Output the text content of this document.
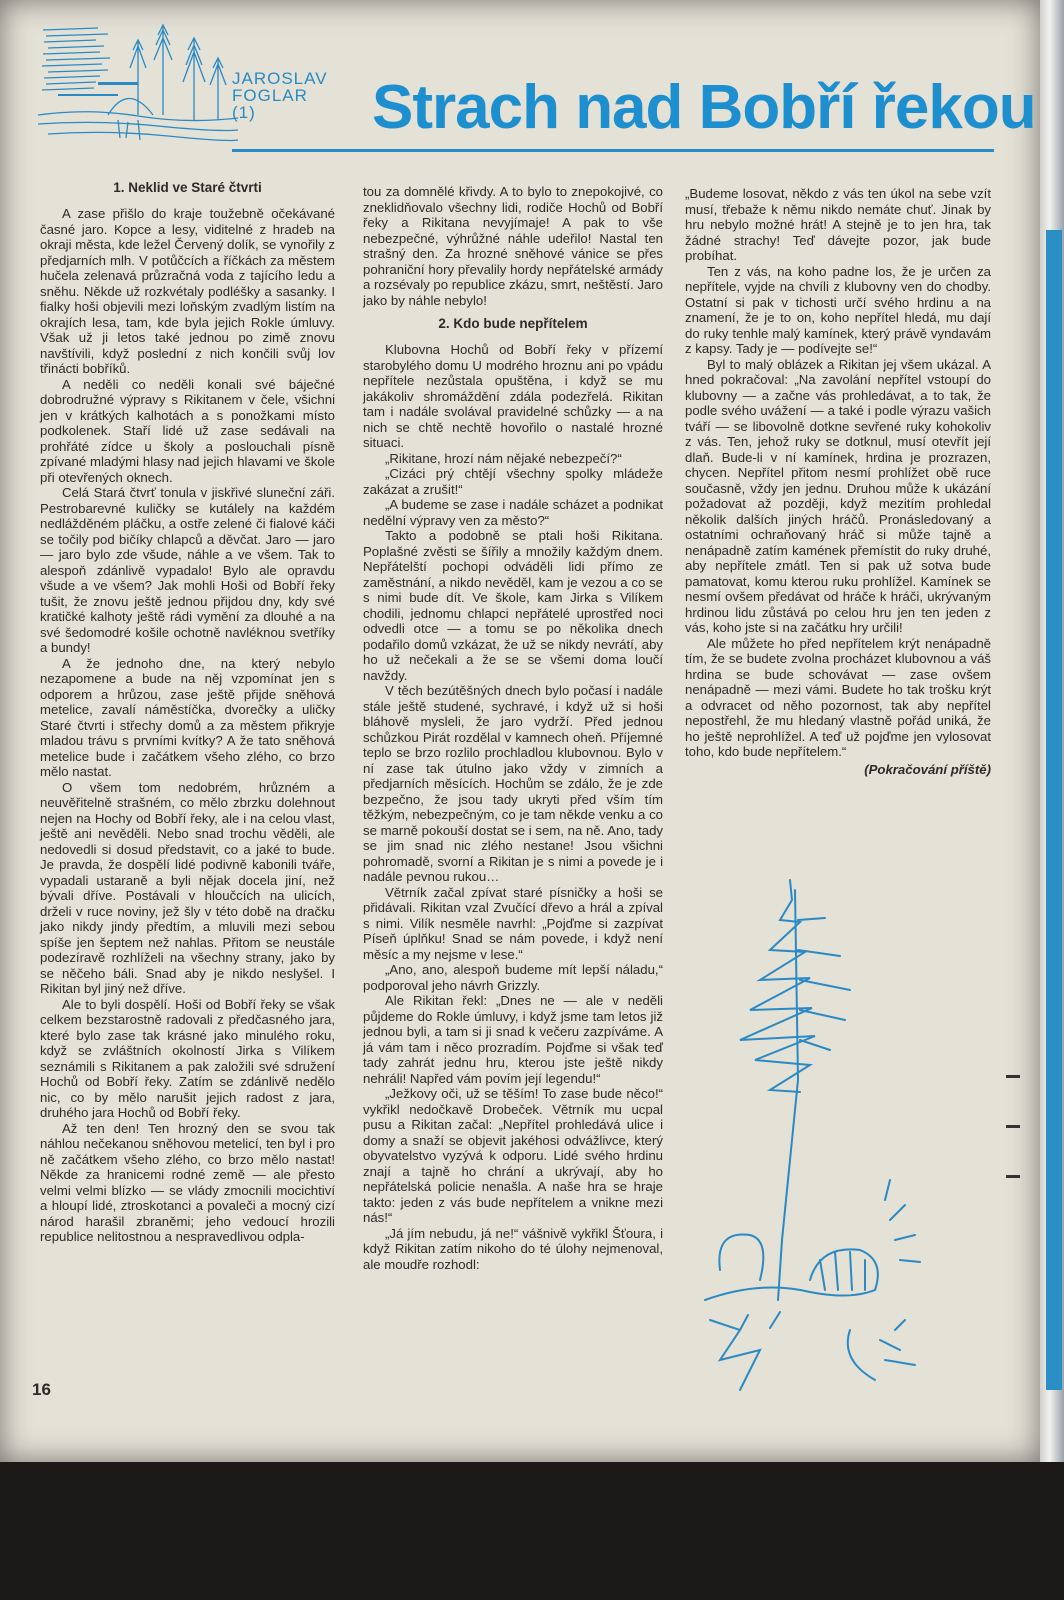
JAROSLAV
FOGLAR
(1)	Strach nad Bobří řekou
1. Neklid ve Staré čtvrti

A zase přišlo do kraje toužebně očekávané časné jaro. Kopce a lesy, viditelné z hradeb na okraji města, kde ležel Červený dolík, se vynořily z předjarních mlh. V potůčcích a říčkách za městem hučela zelenavá průzračná voda z tajícího ledu a sněhu. Někde už rozkvétaly podléšky a sasanky. I fialky hoši objevili mezi loňským zvadlým listím na okrajích lesa, tam, kde byla jejich Rokle úmluvy. Však už ji letos také jednou po zimě znovu navštívili, když poslední z nich končili svůj lov třinácti bobříků.

A neděli co neděli konali své báječné dobrodružné výpravy s Rikitanem v čele, všichni jen v krátkých kalhotách a s ponožkami místo podkolenek. Staří lidé už zase sedávali na prohřáté zídce u školy a poslouchali písně zpívané mladými hlasy nad jejich hlavami ve škole při otevřených oknech.

Celá Stará čtvrť tonula v jiskřivé sluneční záři. Pestrobarevné kuličky se kutálely na každém nedlážděném pláčku, a ostře zelené či fialové káči se točily pod bičíky chlapců a děvčat. Jaro — jaro — jaro bylo zde všude, náhle a ve všem. Tak to alespoň zdánlivě vypadalo! Bylo ale opravdu všude a ve všem? Jak mohli Hoši od Bobří řeky tušit, že znovu ještě jednou přijdou dny, kdy své kratičké kalhoty ještě rádi vymění za dlouhé a na své šedomodré košile ochotně navléknou svetříky a bundy!

A že jednoho dne, na který nebylo nezapomene a bude na něj vzpomínat jen s odporem a hrůzou, zase ještě přijde sněhová metelice, zavalí náměstíčka, dvorečky a uličky Staré čtvrti i střechy domů a za městem přikryje mladou trávu s prvními kvítky? A že tato sněhová metelice bude i začátkem všeho zlého, co brzo mělo nastat.

O všem tom nedobrém, hrůzném a neuvěřitelně strašném, co mělo zbrzku dolehnout nejen na Hochy od Bobří řeky, ale i na celou vlast, ještě ani nevěděli. Nebo snad trochu věděli, ale nedovedli si dosud představit, co a jaké to bude. Je pravda, že dospělí lidé podivně kabonili tváře, vypadali ustaraně a byli nějak docela jiní, než bývali dříve. Postávali v hloučcích na ulicích, drželi v ruce noviny, jež šly v této době na dračku jako nikdy jindy předtím, a mluvili mezi sebou spíše jen šeptem než nahlas. Přitom se neustále podezíravě rozhlíželi na všechny strany, jako by se něčeho báli. Snad aby je nikdo neslyšel. I Rikitan byl jiný než dříve.

Ale to byli dospělí. Hoši od Bobří řeky se však celkem bezstarostně radovali z předčasného jara, které bylo zase tak krásné jako minulého roku, když se zvláštních okolností Jirka s Vilíkem seznámili s Rikitanem a pak založili své sdružení Hochů od Bobří řeky. Zatím se zdánlivě nedělo nic, co by mělo narušit jejich radost z jara, druhého jara Hochů od Bobří řeky.

Až ten den! Ten hrozný den se svou tak náhlou nečekanou sněhovou metelicí, ten byl i pro ně začátkem všeho zlého, co brzo mělo nastat! Někde za hranicemi rodné země — ale přesto velmi velmi blízko — se vlády zmocnili mocichtiví a hloupí lidé, ztroskotanci a povaleči a mocný cizí národ harašil zbraněmi; jeho vedoucí hrozili republice nelitostnou a nespravedlivou odpla-

tou za domnělé křivdy. A to bylo to znepokojivé, co zneklidňovalo všechny lidi, rodiče Hochů od Bobří řeky a Rikitana nevyjímaje! A pak to vše nebezpečné, výhrůžné náhle udeřilo! Nastal ten strašný den. Za hrozné sněhové vánice se přes pohraniční hory převalily hordy nepřátelské armády a rozsévaly po republice zkázu, smrt, neštěstí. Jaro jako by náhle nebylo!

2. Kdo bude nepřítelem

Klubovna Hochů od Bobří řeky v přízemí starobylého domu U modrého hroznu ani po vpádu nepřítele nezůstala opuštěna, i když se mu jakákoliv shromáždění zdála podezřelá. Rikitan tam i nadále svolával pravidelné schůzky — a na nich se chtě nechtě hovořilo o nastalé hrozné situaci.

„Rikitane, hrozí nám nějaké nebezpečí?“

„Cizáci prý chtějí všechny spolky mládeže zakázat a zrušit!“

„A budeme se zase i nadále scházet a podnikat nedělní výpravy ven za město?“

Takto a podobně se ptali hoši Rikitana. Poplašné zvěsti se šířily a množily každým dnem. Nepřátelští pochopi odváděli lidi přímo ze zaměstnání, a nikdo nevěděl, kam je vezou a co se s nimi bude dít. Ve škole, kam Jirka s Vilíkem chodili, jednomu chlapci nepřátelé uprostřed noci odvedli otce — a tomu se po několika dnech podařilo domů vzkázat, že už se nikdy nevrátí, aby ho už nečekali a že se se všemi doma loučí navždy.

V těch bezútěšných dnech bylo počasí i nadále stále ještě studené, sychravé, i když už si hoši bláhově mysleli, že jaro vydrží. Před jednou schůzkou Pirát rozdělal v kamnech oheň. Příjemné teplo se brzo rozlilo prochladlou klubovnou. Bylo v ní zase tak útulno jako vždy v zimních a předjarních měsících. Hochům se zdálo, že je zde bezpečno, že jsou tady ukryti před vším tím těžkým, nebezpečným, co je tam někde venku a co se marně pokouší dostat se i sem, na ně. Ano, tady se jim snad nic zlého nestane! Jsou všichni pohromadě, svorní a Rikitan je s nimi a povede je i nadále pevnou rukou…

Větrník začal zpívat staré písničky a hoši se přidávali. Rikitan vzal Zvučící dřevo a hrál a zpíval s nimi. Vilík nesměle navrhl: „Pojďme si zazpívat Píseň úplňku! Snad se nám povede, i když není měsíc a my nejsme v lese.“

„Ano, ano, alespoň budeme mít lepší náladu,“ podporoval jeho návrh Grizzly.

Ale Rikitan řekl: „Dnes ne — ale v neděli půjdeme do Rokle úmluvy, i když jsme tam letos již jednou byli, a tam si ji snad k večeru zazpíváme. A já vám tam i něco prozradím. Pojďme si však teď tady zahrát jednu hru, kterou jste ještě nikdy nehráli! Napřed vám povím její legendu!“

„Ježkovy oči, už se těším! To zase bude něco!“ vykřikl nedočkavě Drobeček. Větrník mu ucpal pusu a Rikitan začal: „Nepřítel prohledává ulice i domy a snaží se objevit jakéhosi odvážlivce, který obyvatelstvo vyzývá k odporu. Lidé svého hrdinu znají a tajně ho chrání a ukrývají, aby ho nepřátelská policie nenašla. A naše hra se hraje takto: jeden z vás bude nepřítelem a vnikne mezi nás!“

„Já jím nebudu, já ne!“ vášnivě vykřikl Šťoura, i když Rikitan zatím nikoho do té úlohy nejmenoval, ale moudře rozhodl:

„Budeme losovat, někdo z vás ten úkol na sebe vzít musí, třebaže k němu nikdo nemáte chuť. Jinak by hru nebylo možné hrát! A stejně je to jen hra, tak žádné strachy! Teď dávejte pozor, jak bude probíhat.

Ten z vás, na koho padne los, že je určen za nepřítele, vyjde na chvíli z klubovny ven do chodby. Ostatní si pak v tichosti určí svého hrdinu a na znamení, že je to on, koho nepřítel hledá, mu dají do ruky tenhle malý kamínek, který právě vyndavám z kapsy. Tady je — podívejte se!“

Byl to malý oblázek a Rikitan jej všem ukázal. A hned pokračoval: „Na zavolání nepřítel vstoupí do klubovny — a začne vás prohledávat, a to tak, že podle svého uvážení — a také i podle výrazu vašich tváří — se libovolně dotkne sevřené ruky kohokoliv z vás. Ten, jehož ruky se dotknul, musí otevřít její dlaň. Bude-li v ní kamínek, hrdina je prozrazen, chycen. Nepřítel přitom nesmí prohlížet obě ruce současně, vždy jen jednu. Druhou může k ukázání požadovat až později, když mezitím prohledal několik dalších jiných hráčů. Pronásledovaný a ostatními ochraňovaný hráč si může tajně a nenápadně zatím kamének přemístit do ruky druhé, aby nepřítele zmátl. Ten si pak už sotva bude pamatovat, komu kterou ruku prohlížel. Kamínek se nesmí ovšem předávat od hráče k hráči, ukrývaným hrdinou lidu zůstává po celou hru jen ten jeden z vás, koho jste si na začátku hry určili!

Ale můžete ho před nepřítelem krýt nenápadně tím, že se budete zvolna procházet klubovnou a váš hrdina se bude schovávat — zase ovšem nenápadně — mezi vámi. Budete ho tak trošku krýt a odvracet od něho pozornost, tak aby nepřítel nepostřehl, že mu hledaný vlastně pořád uniká, že ho ještě neprohlížel. A teď už pojďme jen vylosovat toho, kdo bude nepřítelem.“

(Pokračování příště)
16
